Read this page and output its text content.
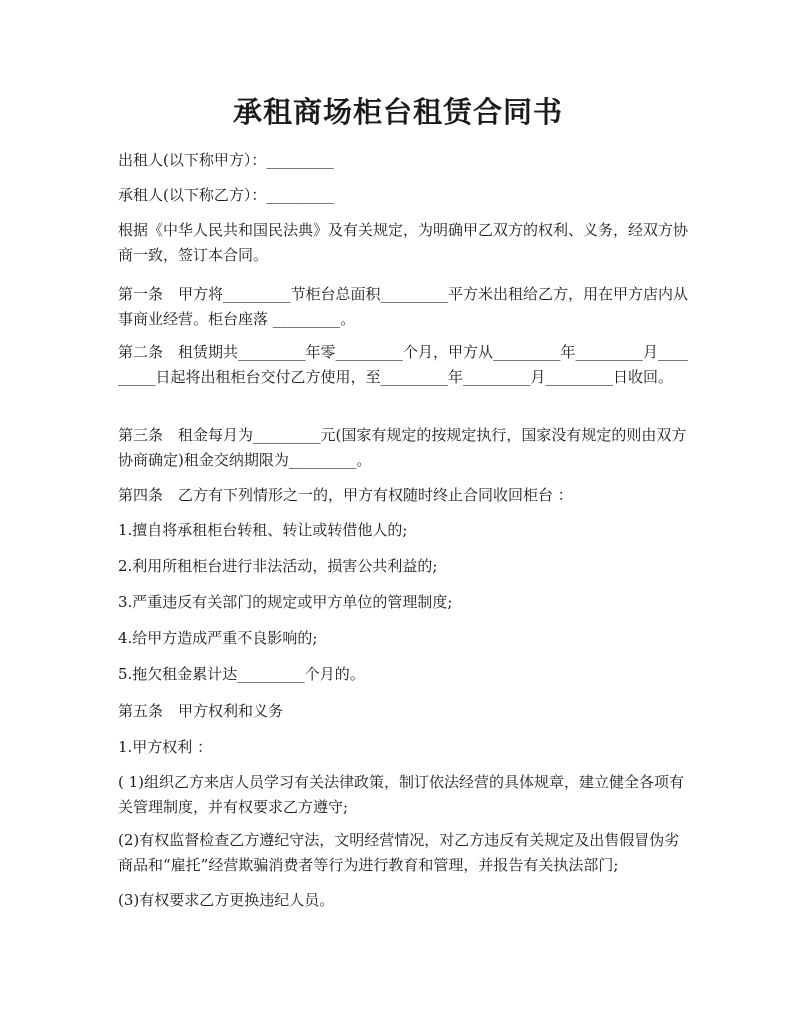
承租商场柜台租赁合同书
出租人(以下称甲方）：_________
承租人(以下称乙方）：_________
根据《中华人民共和国民法典》及有关规定，为明确甲乙双方的权利、义务，经双方协商一致，签订本合同。
第一条　甲方将_________节柜台总面积_________平方米出租给乙方，用在甲方店内从事商业经营。柜台座落 _________。
第二条　租赁期共_________年零_________个月，甲方从_________年_________月_________日起将出租柜台交付乙方使用，至_________年_________月_________日收回。
第三条　租金每月为_________元(国家有规定的按规定执行，国家没有规定的则由双方协商确定)租金交纳期限为_________。
第四条　乙方有下列情形之一的，甲方有权随时终止合同收回柜台 ：
1.擅自将承租柜台转租、转让或转借他人的;
2.利用所租柜台进行非法活动，损害公共利益的;
3.严重违反有关部门的规定或甲方单位的管理制度;
4.给甲方造成严重不良影响的;
5.拖欠租金累计达_________个月的。
第五条　甲方权利和义务
1.甲方权利 ：
( 1)组织乙方来店人员学习有关法律政策，制订依法经营的具体规章，建立健全各项有关管理制度，并有权要求乙方遵守;
(2)有权监督检查乙方遵纪守法，文明经营情况，对乙方违反有关规定及出售假冒伪劣商品和“雇托”经营欺骗消费者等行为进行教育和管理，并报告有关执法部门;
(3)有权要求乙方更换违纪人员。
